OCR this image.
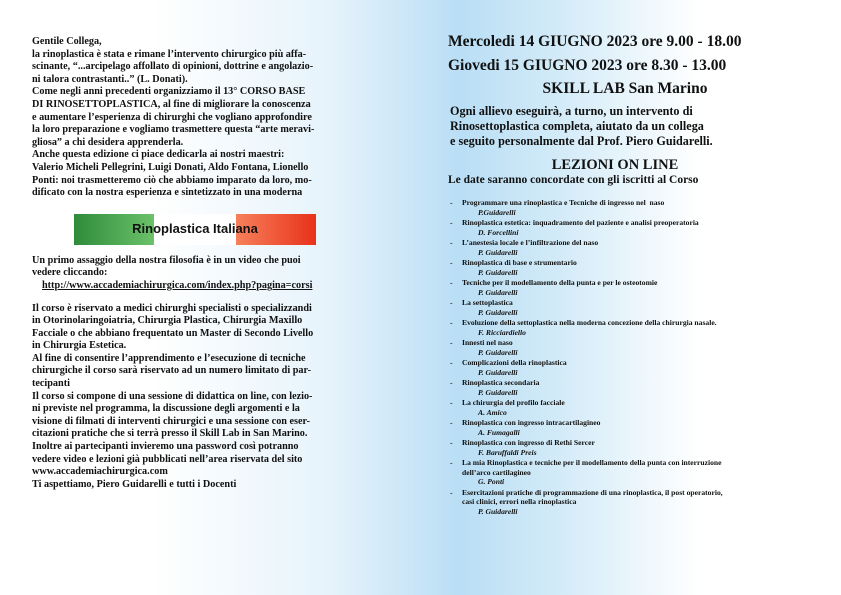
Gentile Collega,

la rinoplastica è stata e rimane l’intervento chirurgico più affa-

scinante, “...arcipelago affollato di opinioni, dottrine e angolazio-

ni talora contrastanti..” (L. Donati).

Come negli anni precedenti organizziamo il 13° CORSO BASE

DI RINOSETTOPLASTICA, al fine di migliorare la conoscenza

e aumentare l’esperienza di chirurghi che vogliano approfondire

la loro preparazione e vogliamo trasmettere questa “arte meravi-

gliosa” a chi desidera apprenderla.

Anche questa edizione ci piace dedicarla ai nostri maestri:

Valerio Micheli Pellegrini, Luigi Donati, Aldo Fontana, Lionello

Ponti: noi trasmetteremo ciò che abbiamo imparato da loro, mo-

dificato con la nostra esperienza e sintetizzato in una moderna

Rinoplastica Italiana

Un primo assaggio della nostra filosofia è in un video che puoi

vedere cliccando:

http://www.accademiachirurgica.com/index.php?pagina=corsi

Il corso è riservato a medici chirurghi specialisti o specializzandi

in Otorinolaringoiatria, Chirurgia Plastica, Chirurgia Maxillo

Facciale o che abbiano frequentato un Master di Secondo Livello

in Chirurgia Estetica.

Al fine di consentire l’apprendimento e l’esecuzione di tecniche

chirurgiche il corso sarà riservato ad un numero limitato di par-

tecipanti

Il corso si compone di una sessione di didattica on line, con lezio-

ni previste nel programma, la discussione degli argomenti e la

visione di filmati di interventi chirurgici e una sessione con eser-

citazioni pratiche che si terrà presso il Skill Lab in San Marino.

Inoltre ai partecipanti invieremo una password così potranno

vedere video e lezioni già pubblicati nell’area riservata del sito

www.accademiachirurgica.com

Ti aspettiamo, Piero Guidarelli e tutti i Docenti

Mercoledi 14 GIUGNO 2023 ore 9.00 - 18.00
Giovedi 15 GIUGNO 2023 ore 8.30 - 13.00
SKILL LAB San Marino
Ogni allievo eseguirà, a turno, un intervento di
Rinosettoplastica completa, aiutato da un collega
e seguito personalmente dal Prof. Piero Guidarelli.
LEZIONI ON LINE
Le date saranno concordate con gli iscritti al Corso
- Programmare una rinoplastica e Tecniche di ingresso nel  naso
P.Guidarelli
- Rinoplastica estetica: inquadramento del paziente e analisi preoperatoria
D. Forcellini
- L’anestesia locale e l’infiltrazione del naso
P. Guidarelli
- Rinoplastica di base e strumentario
P. Guidarelli
- Tecniche per il modellamento della punta e per le osteotomie
P. Guidarelli
- La settoplastica
P. Guidarelli
- Evoluzione della settoplastica nella moderna concezione della chirurgia nasale.
F. Ricciardiello
- Innesti nel naso
P. Guidarelli
- Complicazioni della rinoplastica
P. Guidarelli
- Rinoplastica secondaria
P. Guidarelli
- La chirurgia del profilo facciale
A. Amico
- Rinoplastica con ingresso intracartilagineo
A. Fumagalli
- Rinoplastica con ingresso di Rethi Sercer
F. Baruffaldi Preis
- La mia Rinoplastica e tecniche per il modellamento della punta con interruzione
dell’arco cartilagineo
G. Ponti
- Esercitazioni pratiche di programmazione di una rinoplastica, il post operatorio,
casi clinici, errori nella rinoplastica
P. Guidarelli
